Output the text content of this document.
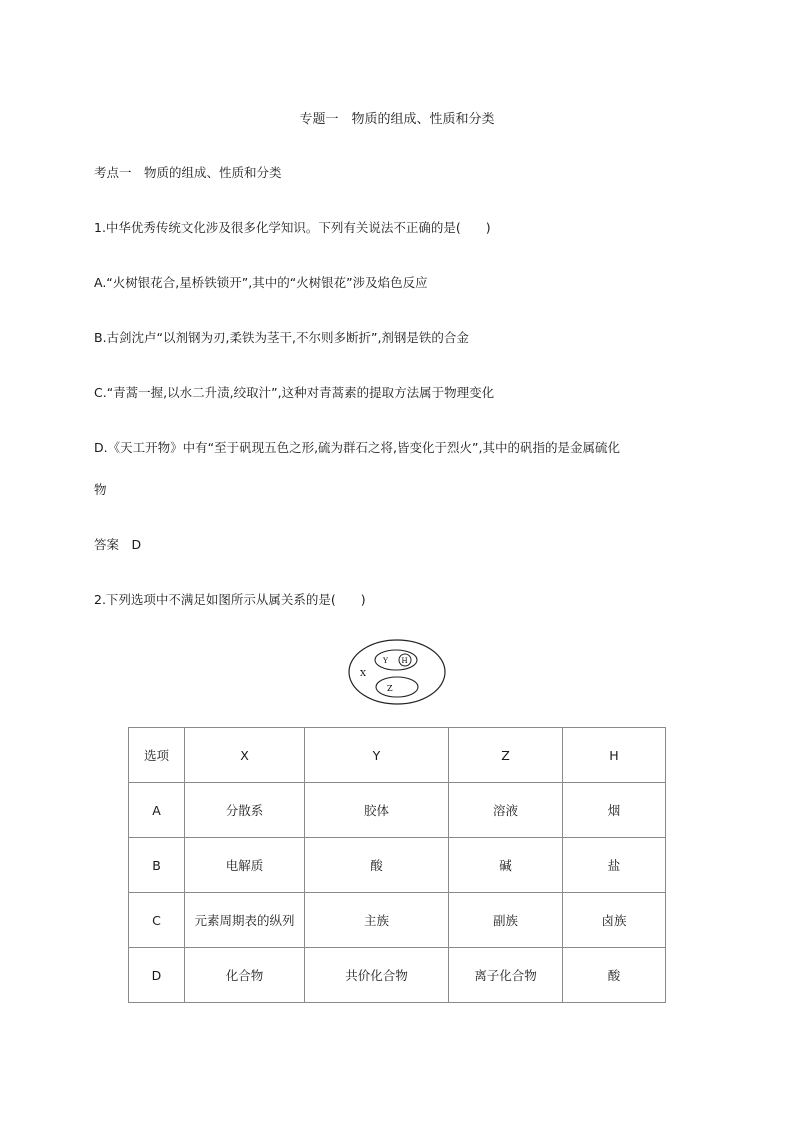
专题一　物质的组成、性质和分类
考点一　物质的组成、性质和分类
1.中华优秀传统文化涉及很多化学知识。下列有关说法不正确的是(　　)
A.“火树银花合,星桥铁锁开”,其中的“火树银花”涉及焰色反应
B.古剑沈卢“以剂钢为刃,柔铁为茎干,不尔则多断折”,剂钢是铁的合金
C.“青蒿一握,以水二升渍,绞取汁”,这种对青蒿素的提取方法属于物理变化
D.《天工开物》中有“至于矾现五色之形,硫为群石之将,皆变化于烈火”,其中的矾指的是金属硫化
物
答案　D
2.下列选项中不满足如图所示从属关系的是(　　)
X
Y H
Z
选项	X	Y	Z	H
A	分散系	胶体	溶液	烟
B	电解质	酸	碱	盐
C	元素周期表的纵列	主族	副族	卤族
D	化合物	共价化合物	离子化合物	酸
